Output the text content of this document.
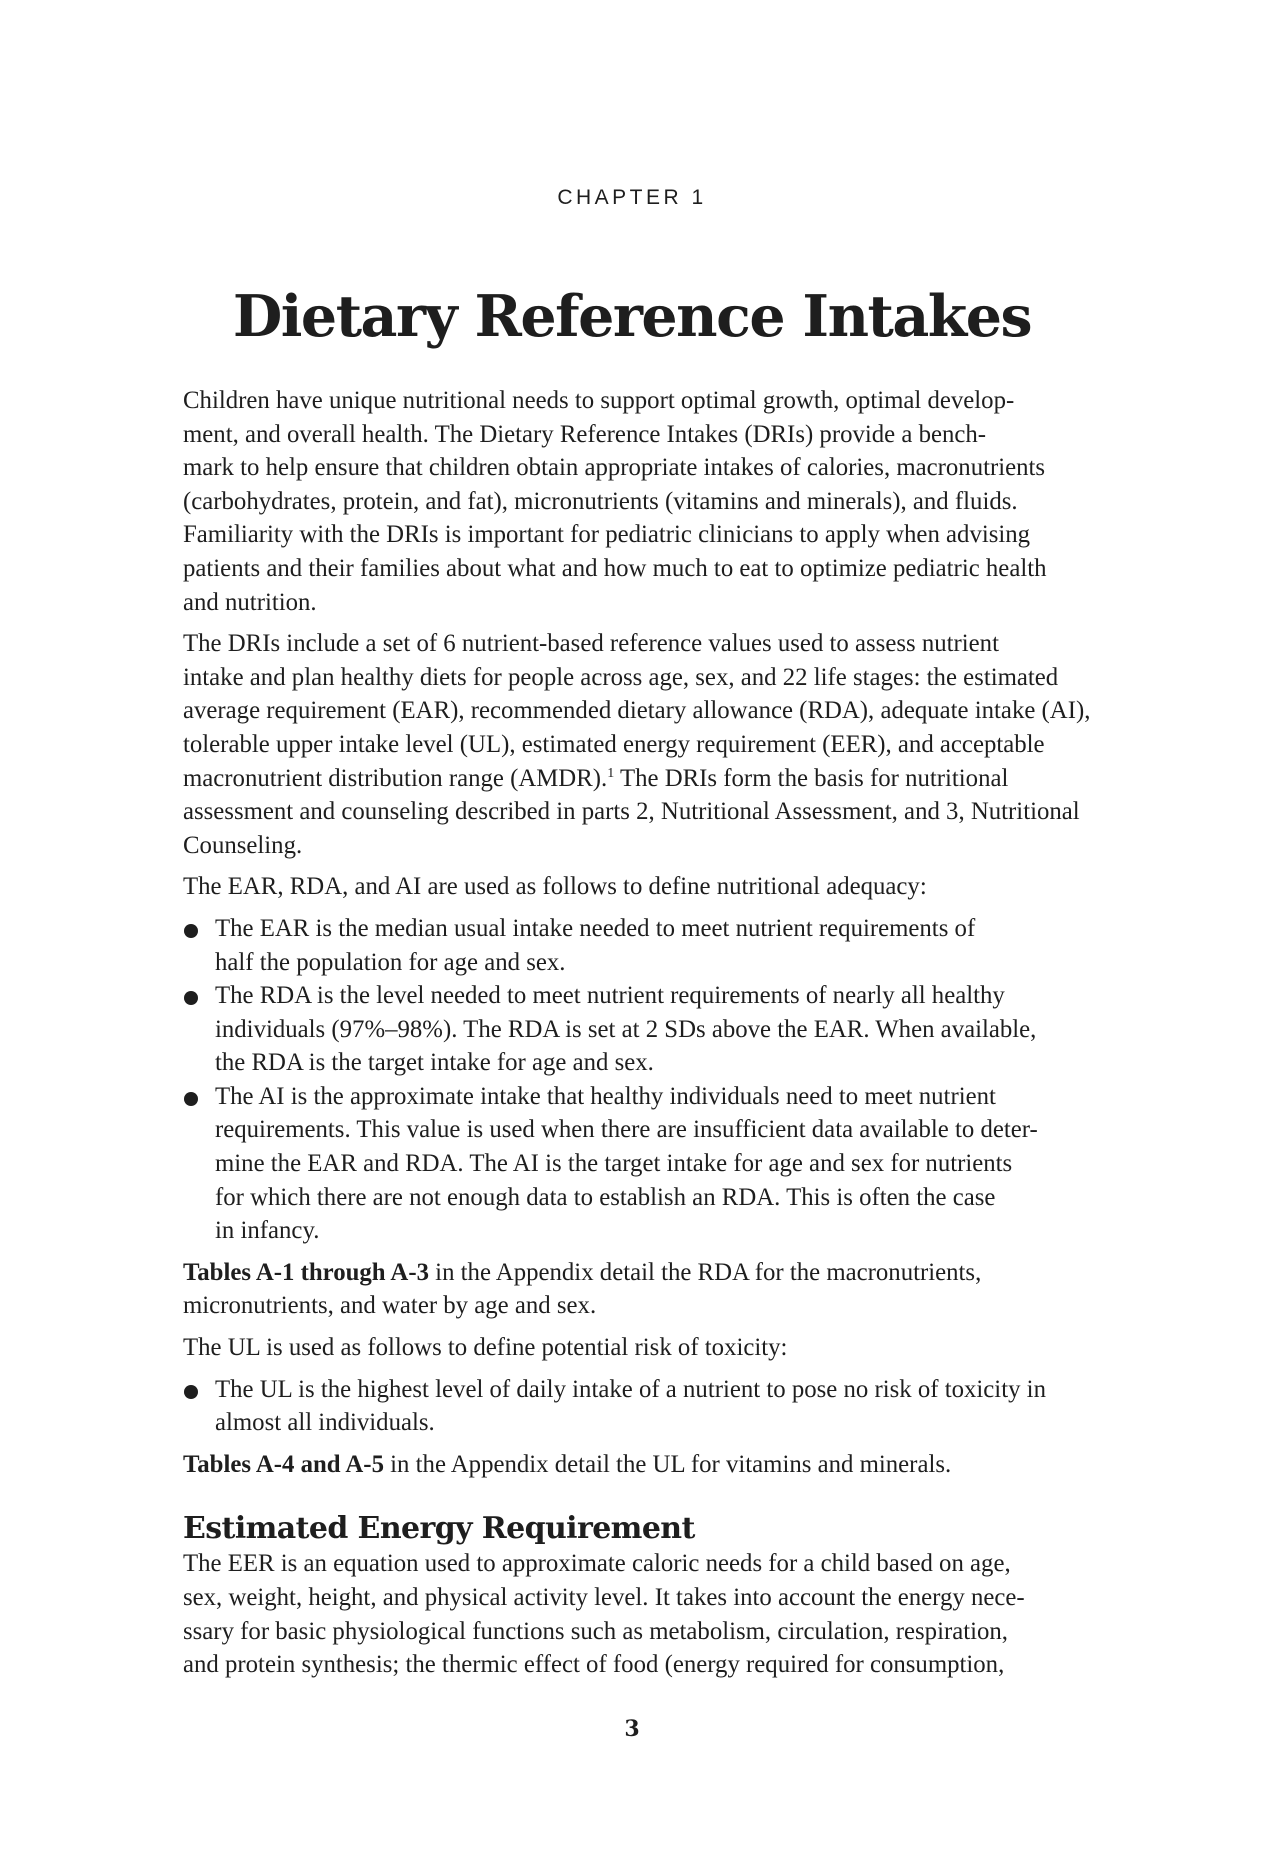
CHAPTER 1
Dietary Reference Intakes

Children have unique nutritional needs to support optimal growth, optimal develop-
ment, and overall health. The Dietary Reference Intakes (DRIs) provide a bench-
mark to help ensure that children obtain appropriate intakes of calories, macronutrients
(carbohydrates, protein, and fat), micronutrients (vitamins and minerals), and fluids.
Familiarity with the DRIs is important for pediatric clinicians to apply when advising
patients and their families about what and how much to eat to optimize pediatric health
and nutrition.

The DRIs include a set of 6 nutrient-based reference values used to assess nutrient
intake and plan healthy diets for people across age, sex, and 22 life stages: the estimated
average requirement (EAR), recommended dietary allowance (RDA), adequate intake (AI),
tolerable upper intake level (UL), estimated energy requirement (EER), and acceptable
macronutrient distribution range (AMDR).$^1$ The DRIs form the basis for nutritional
assessment and counseling described in parts 2, Nutritional Assessment, and 3, Nutritional
Counseling.

The EAR, RDA, and AI are used as follows to define nutritional adequacy:

The EAR is the median usual intake needed to meet nutrient requirements of
half the population for age and sex.
The RDA is the level needed to meet nutrient requirements of nearly all healthy
individuals (97%–98%). The RDA is set at 2 SDs above the EAR. When available,
the RDA is the target intake for age and sex.
The AI is the approximate intake that healthy individuals need to meet nutrient
requirements. This value is used when there are insufficient data available to deter-
mine the EAR and RDA. The AI is the target intake for age and sex for nutrients
for which there are not enough data to establish an RDA. This is often the case
in infancy.

Tables A-1 through A-3 in the Appendix detail the RDA for the macronutrients,
micronutrients, and water by age and sex.

The UL is used as follows to define potential risk of toxicity:

The UL is the highest level of daily intake of a nutrient to pose no risk of toxicity in
almost all individuals.

Tables A-4 and A-5 in the Appendix detail the UL for vitamins and minerals.

Estimated Energy Requirement

The EER is an equation used to approximate caloric needs for a child based on age,
sex, weight, height, and physical activity level. It takes into account the energy nece-
ssary for basic physiological functions such as metabolism, circulation, respiration,
and protein synthesis; the thermic effect of food (energy required for consumption,

3
